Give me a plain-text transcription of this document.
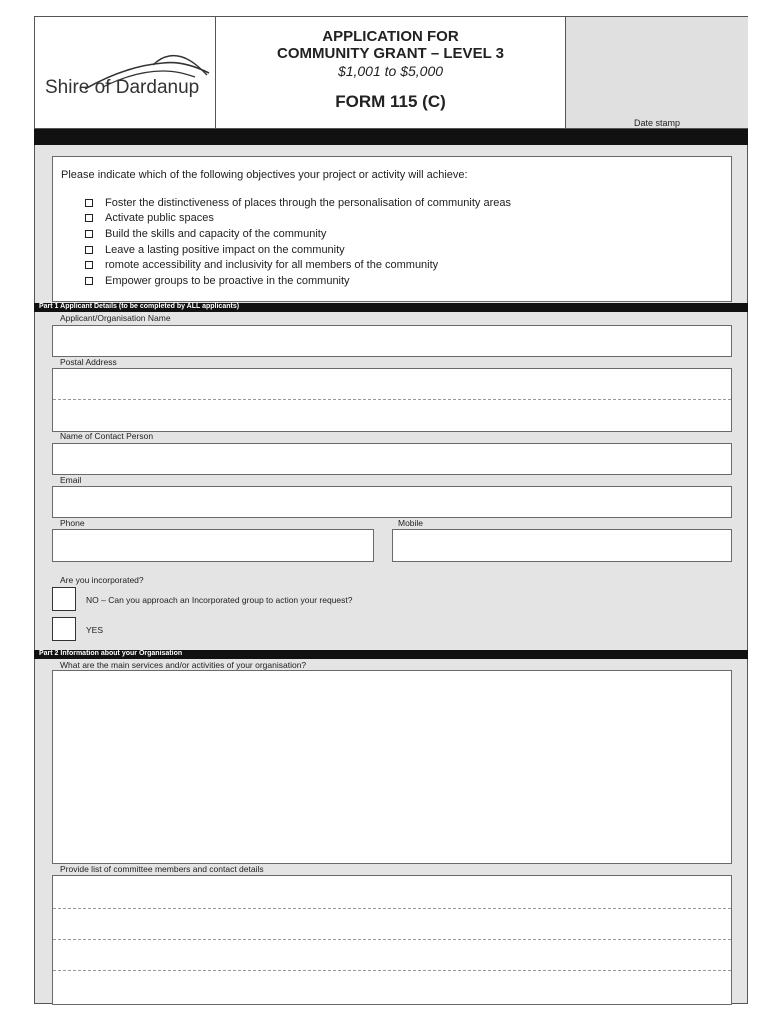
Shire of Dardanup
APPLICATION FOR
COMMUNITY GRANT – LEVEL 3
$1,001 to $5,000
FORM 115 (C)
Date stamp
Please indicate which of the following objectives your project or activity will achieve:
Foster the distinctiveness of places through the personalisation of community areas
Activate public spaces
Build the skills and capacity of the community
Leave a lasting positive impact on the community
romote accessibility and inclusivity for all members of the community
Empower groups to be proactive in the community
Part 1 Applicant Details (to be completed by ALL applicants)
Applicant/Organisation Name
Postal Address
Name of Contact Person
Email
Phone	Mobile
Are you incorporated?
NO – Can you approach an Incorporated group to action your request?
YES
Part 2 Information about your Organisation
What are the main services and/or activities of your organisation?
Provide list of committee members and contact details
